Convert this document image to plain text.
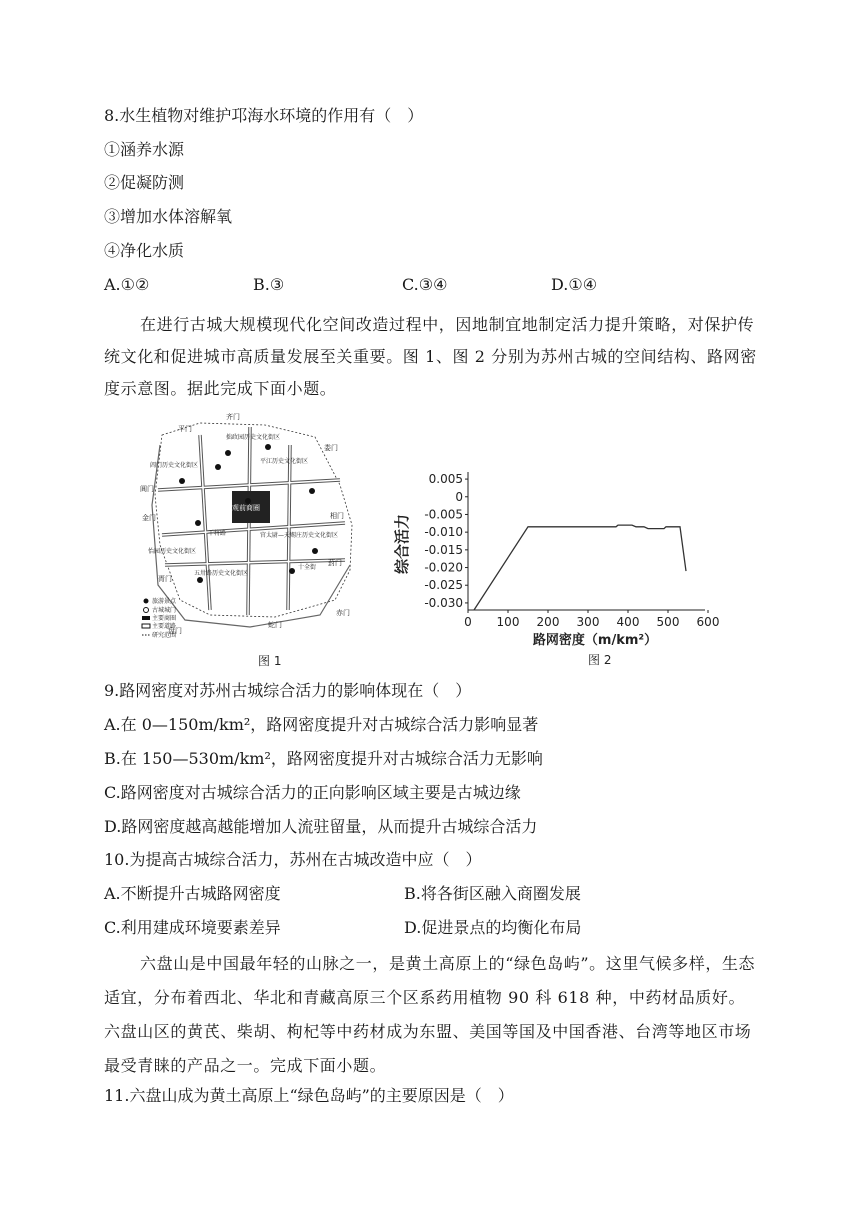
8.水生植物对维护邛海水环境的作用有（　）
①涵养水源
②促凝防测
③增加水体溶解氧
④净化水质
A.①②	B.③	C.③④	D.①④
在进行古城大规模现代化空间改造过程中，因地制宜地制定活力提升策略，对保护传统文化和促进城市高质量发展至关重要。图 1、图 2 分别为苏州古城的空间结构、路网密度示意图。据此完成下面小题。
观前商圈
平门
齐门
娄门
阊门
金门	相门
胥门
葑门
盘门
蛇门
赤门
拙政园历史文化街区
平江历史文化街区
阊门历史文化街区
怡园历史文化街区
五卅路历史文化街区
官太尉—天赐庄历史文化街区
干将路
十全街
旅游景点
古城城门
主要商圈
主要道路
研究范围
图 1
0.005
0
-0.005
-0.010
-0.015
-0.020
-0.025
-0.030
0 100 200 300 400 500 600
综合活力
路网密度（m/km²）
图 2
9.路网密度对苏州古城综合活力的影响体现在（　）
A.在 0—150m/km²，路网密度提升对古城综合活力影响显著
B.在 150—530m/km²，路网密度提升对古城综合活力无影响
C.路网密度对古城综合活力的正向影响区域主要是古城边缘
D.路网密度越高越能增加人流驻留量，从而提升古城综合活力
10.为提高古城综合活力，苏州在古城改造中应（　）
A.不断提升古城路网密度	B.将各街区融入商圈发展
C.利用建成环境要素差异	D.促进景点的均衡化布局
六盘山是中国最年轻的山脉之一，是黄土高原上的“绿色岛屿”。这里气候多样，生态适宜，分布着西北、华北和青藏高原三个区系药用植物 90 科 618 种，中药材品质好。六盘山区的黄芪、柴胡、枸杞等中药材成为东盟、美国等国及中国香港、台湾等地区市场最受青睐的产品之一。完成下面小题。
11.六盘山成为黄土高原上“绿色岛屿”的主要原因是（　）
